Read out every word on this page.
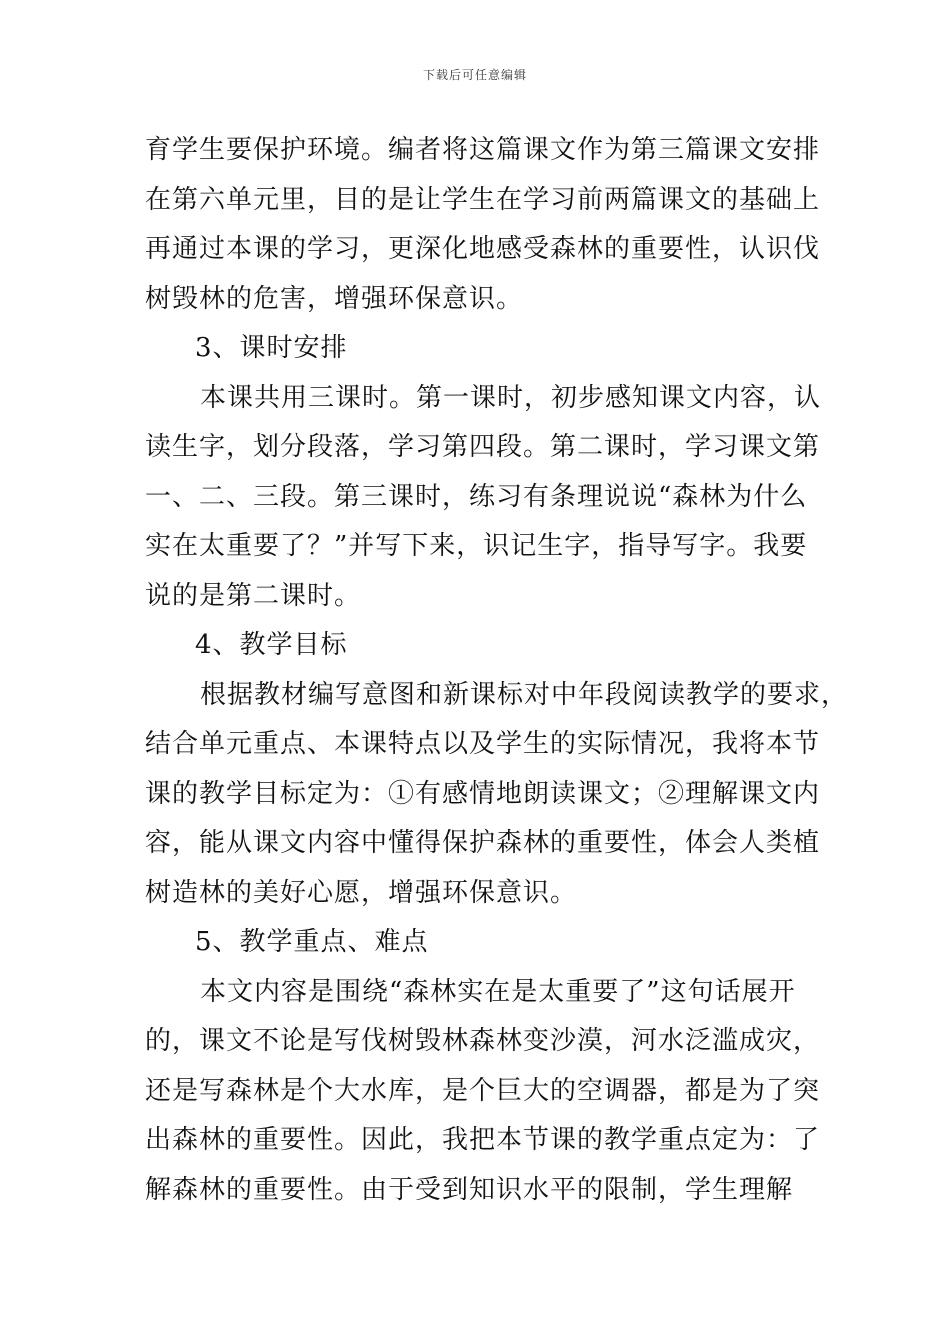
下载后可任意编辑
育学生要保护环境。编者将这篇课文作为第三篇课文安排
在第六单元里，目的是让学生在学习前两篇课文的基础上
再通过本课的学习，更深化地感受森林的重要性，认识伐
树毁林的危害，增强环保意识。
3、课时安排
本课共用三课时。第一课时，初步感知课文内容，认
读生字，划分段落，学习第四段。第二课时，学习课文第
一、二、三段。第三课时，练习有条理说说“森林为什么
实在太重要了？”并写下来，识记生字，指导写字。我要
说的是第二课时。
4、教学目标
根据教材编写意图和新课标对中年段阅读教学的要求，
结合单元重点、本课特点以及学生的实际情况，我将本节
课的教学目标定为：①有感情地朗读课文；②理解课文内
容，能从课文内容中懂得保护森林的重要性，体会人类植
树造林的美好心愿，增强环保意识。
5、教学重点、难点
本文内容是围绕“森林实在是太重要了”这句话展开
的，课文不论是写伐树毁林森林变沙漠，河水泛滥成灾，
还是写森林是个大水库，是个巨大的空调器，都是为了突
出森林的重要性。因此，我把本节课的教学重点定为：了
解森林的重要性。由于受到知识水平的限制，学生理解
